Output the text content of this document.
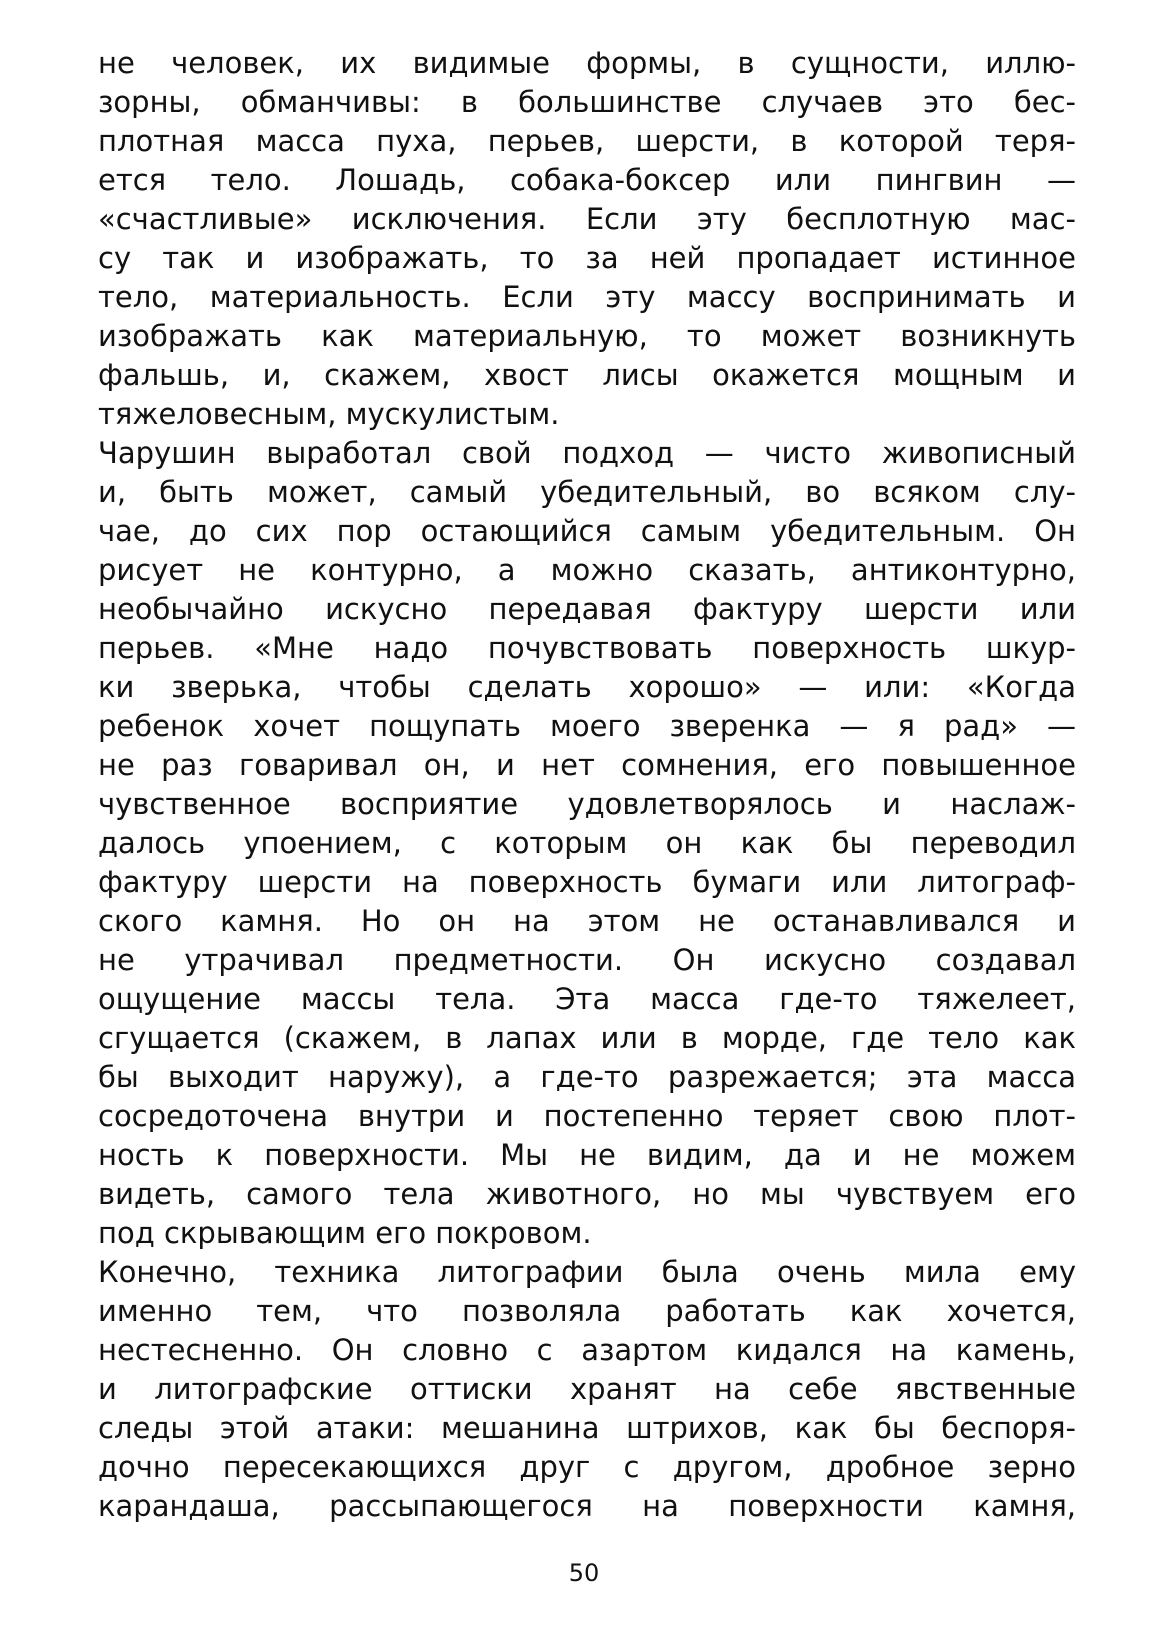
не человек, их видимые формы, в сущности, иллю-
зорны, обманчивы: в большинстве случаев это бес-
плотная масса пуха, перьев, шерсти, в которой теря-
ется тело. Лошадь, собака-боксер или пингвин —
«счастливые» исключения. Если эту бесплотную мас-
су так и изображать, то за ней пропадает истинное
тело, материальность. Если эту массу воспринимать и
изображать как материальную, то может возникнуть
фальшь, и, скажем, хвост лисы окажется мощным и
тяжеловесным, мускулистым.
Чарушин выработал свой подход — чисто живописный
и, быть может, самый убедительный, во всяком слу-
чае, до сих пор остающийся самым убедительным. Он
рисует не контурно, а можно сказать, антиконтурно,
необычайно искусно передавая фактуру шерсти или
перьев. «Мне надо почувствовать поверхность шкур-
ки зверька, чтобы сделать хорошо» — или: «Когда
ребенок хочет пощупать моего зверенка — я рад» —
не раз говаривал он, и нет сомнения, его повышенное
чувственное восприятие удовлетворялось и наслаж-
далось упоением, с которым он как бы переводил
фактуру шерсти на поверхность бумаги или литограф-
ского камня. Но он на этом не останавливался и
не утрачивал предметности. Он искусно создавал
ощущение массы тела. Эта масса где-то тяжелеет,
сгущается (скажем, в лапах или в морде, где тело как
бы выходит наружу), а где-то разрежается; эта масса
сосредоточена внутри и постепенно теряет свою плот-
ность к поверхности. Мы не видим, да и не можем
видеть, самого тела животного, но мы чувствуем его
под скрывающим его покровом.
Конечно, техника литографии была очень мила ему
именно тем, что позволяла работать как хочется,
нестесненно. Он словно с азартом кидался на камень,
и литографские оттиски хранят на себе явственные
следы этой атаки: мешанина штрихов, как бы беспоря-
дочно пересекающихся друг с другом, дробное зерно
карандаша, рассыпающегося на поверхности камня,
50
